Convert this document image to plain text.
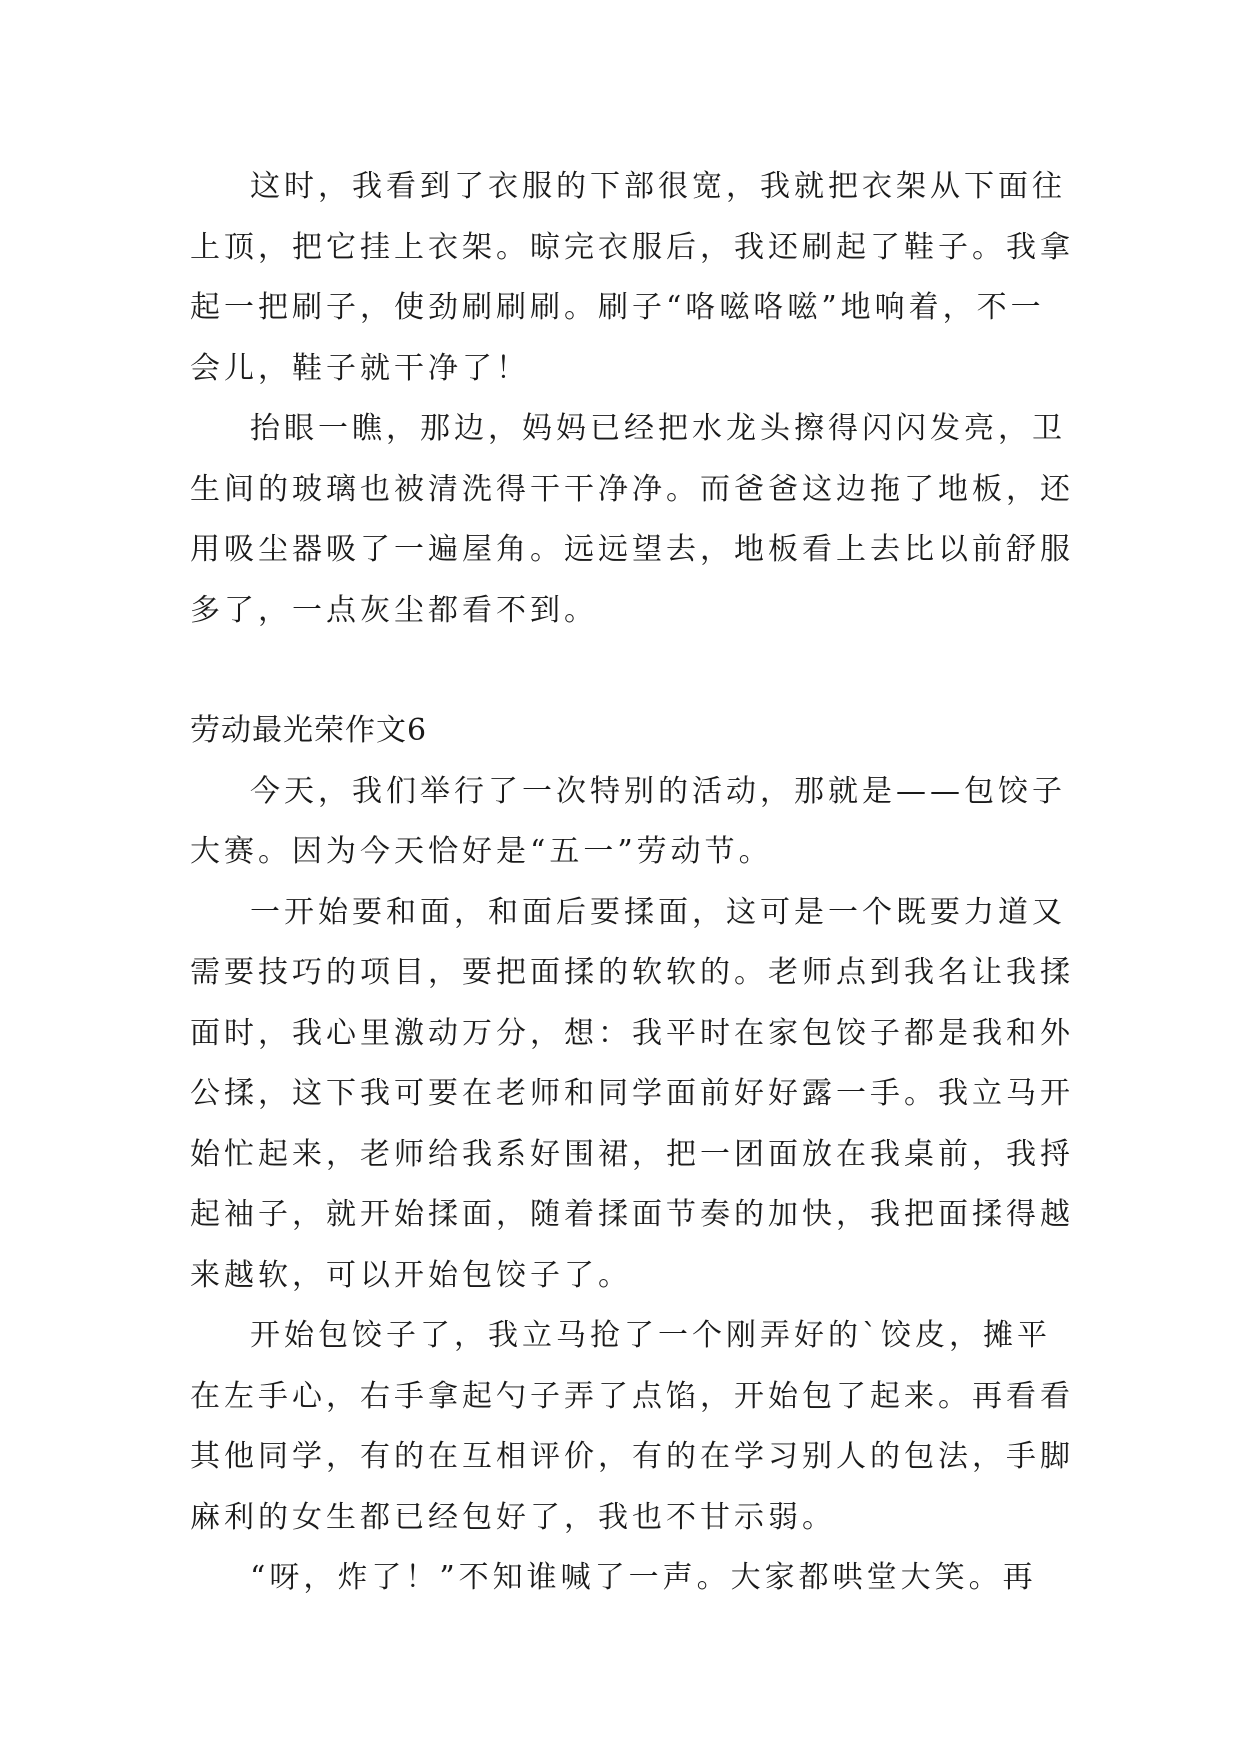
这时，我看到了衣服的下部很宽，我就把衣架从下面往
上顶，把它挂上衣架。晾完衣服后，我还刷起了鞋子。我拿
起一把刷子，使劲刷刷刷。刷子“咯嗞咯嗞”地响着，不一
会儿，鞋子就干净了！

抬眼一瞧，那边，妈妈已经把水龙头擦得闪闪发亮，卫
生间的玻璃也被清洗得干干净净。而爸爸这边拖了地板，还
用吸尘器吸了一遍屋角。远远望去，地板看上去比以前舒服
多了，一点灰尘都看不到。

劳动最光荣作文6

今天，我们举行了一次特别的活动，那就是——包饺子
大赛。因为今天恰好是“五一”劳动节。

一开始要和面，和面后要揉面，这可是一个既要力道又
需要技巧的项目，要把面揉的软软的。老师点到我名让我揉
面时，我心里激动万分，想：我平时在家包饺子都是我和外
公揉，这下我可要在老师和同学面前好好露一手。我立马开
始忙起来，老师给我系好围裙，把一团面放在我桌前，我捋
起袖子，就开始揉面，随着揉面节奏的加快，我把面揉得越
来越软，可以开始包饺子了。

开始包饺子了，我立马抢了一个刚弄好的`饺皮，摊平
在左手心，右手拿起勺子弄了点馅，开始包了起来。再看看
其他同学，有的在互相评价，有的在学习别人的包法，手脚
麻利的女生都已经包好了，我也不甘示弱。

“呀，炸了！”不知谁喊了一声。大家都哄堂大笑。再
